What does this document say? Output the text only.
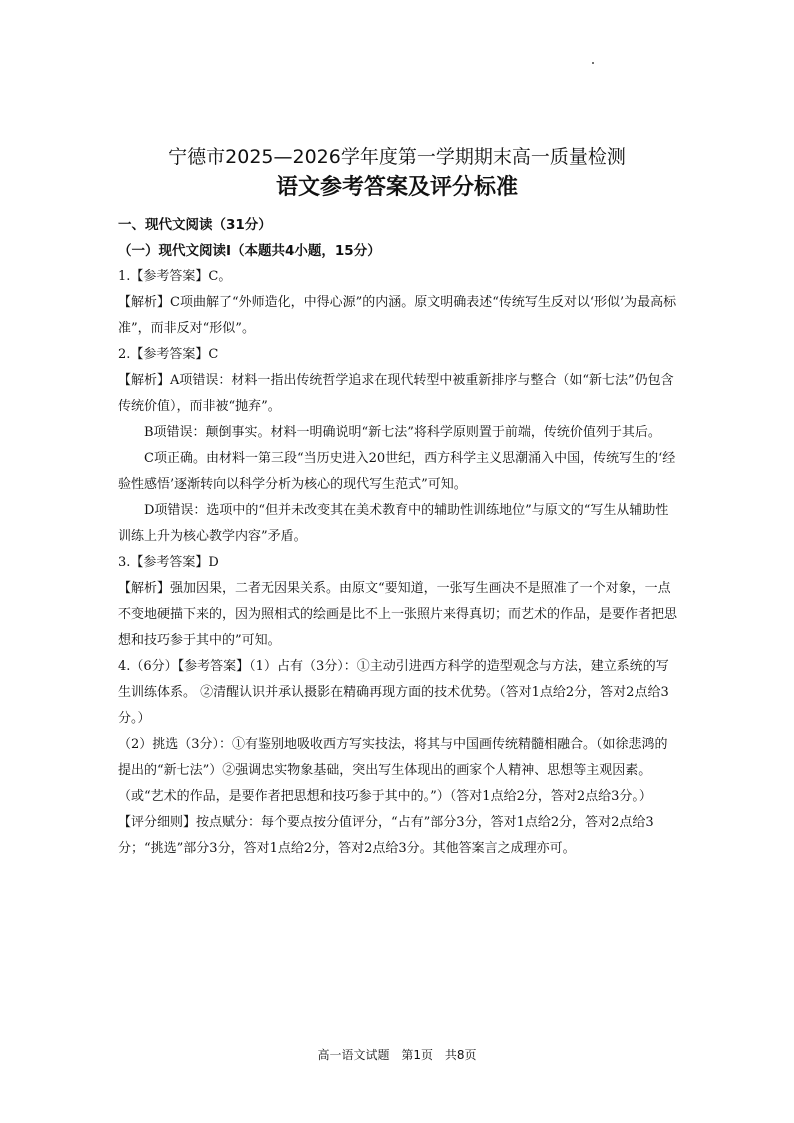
宁德市2025—2026学年度第一学期期末高一质量检测
语文参考答案及评分标准

一、现代文阅读（31分）

（一）现代文阅读Ⅰ（本题共4小题，15分）

1.【参考答案】C。

【解析】C项曲解了“外师造化，中得心源”的内涵。原文明确表述“传统写生反对以‘形似’为最高标准”，而非反对“形似”。

2.【参考答案】C

【解析】A项错误：材料一指出传统哲学追求在现代转型中被重新排序与整合（如“新七法”仍包含传统价值），而非被“抛弃”。

B项错误：颠倒事实。材料一明确说明“新七法”将科学原则置于前端，传统价值列于其后。

C项正确。由材料一第三段“当历史进入20世纪，西方科学主义思潮涌入中国，传统写生的‘经验性感悟’逐渐转向以科学分析为核心的现代写生范式”可知。

D项错误：选项中的“但并未改变其在美术教育中的辅助性训练地位”与原文的“写生从辅助性训练上升为核心教学内容”矛盾。

3.【参考答案】D

【解析】强加因果，二者无因果关系。由原文“要知道，一张写生画决不是照准了一个对象，一点不变地硬描下来的，因为照相式的绘画是比不上一张照片来得真切；而艺术的作品，是要作者把思想和技巧参于其中的”可知。

4.（6分）【参考答案】（1）占有（3分）：①主动引进西方科学的造型观念与方法，建立系统的写生训练体系。 ②清醒认识并承认摄影在精确再现方面的技术优势。（答对1点给2分，答对2点给3分。）

（2）挑选（3分）：①有鉴别地吸收西方写实技法，将其与中国画传统精髓相融合。（如徐悲鸿的提出的“新七法”）②强调忠实物象基础，突出写生体现出的画家个人精神、思想等主观因素。（或“艺术的作品，是要作者把思想和技巧参于其中的。”）（答对1点给2分，答对2点给3分。）

【评分细则】按点赋分：每个要点按分值评分，“占有”部分3分，答对1点给2分，答对2点给3分；“挑选”部分3分，答对1点给2分，答对2点给3分。其他答案言之成理亦可。

高一语文试题 第1页 共8页
